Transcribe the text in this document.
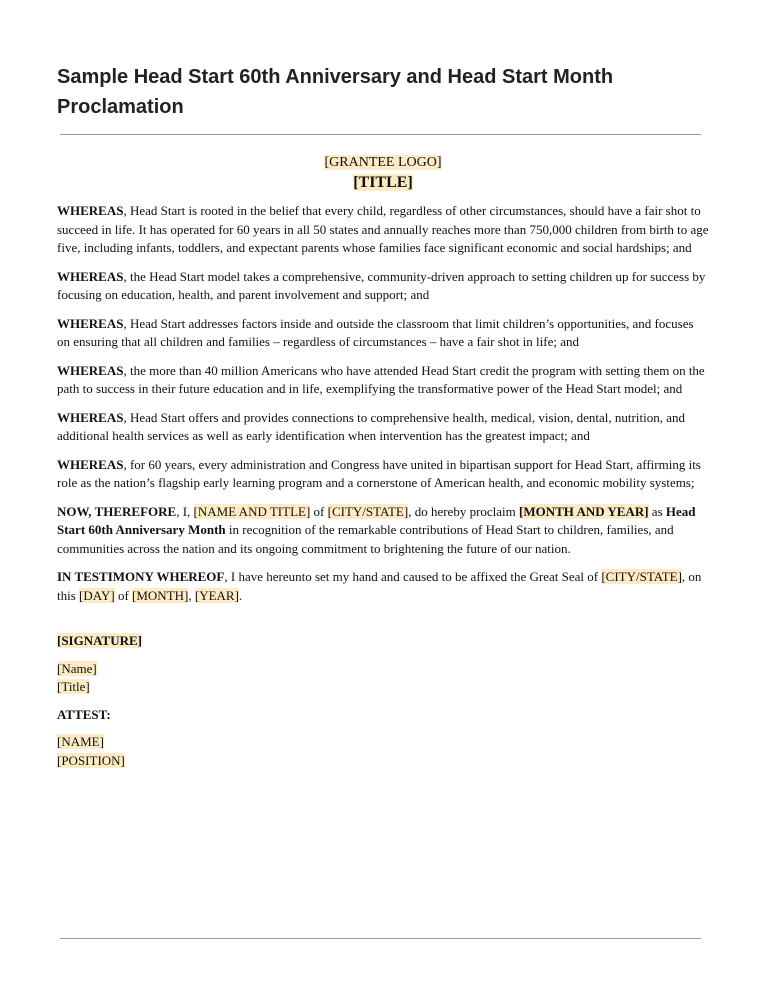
Sample Head Start 60th Anniversary and Head Start Month Proclamation
[GRANTEE LOGO]
[TITLE]

WHEREAS, Head Start is rooted in the belief that every child, regardless of other circumstances, should have a fair shot to succeed in life. It has operated for 60 years in all 50 states and annually reaches more than 750,000 children from birth to age five, including infants, toddlers, and expectant parents whose families face significant economic and social hardships; and

WHEREAS, the Head Start model takes a comprehensive, community-driven approach to setting children up for success by focusing on education, health, and parent involvement and support; and

WHEREAS, Head Start addresses factors inside and outside the classroom that limit children’s opportunities, and focuses on ensuring that all children and families – regardless of circumstances – have a fair shot in life; and

WHEREAS, the more than 40 million Americans who have attended Head Start credit the program with setting them on the path to success in their future education and in life, exemplifying the transformative power of the Head Start model; and

WHEREAS, Head Start offers and provides connections to comprehensive health, medical, vision, dental, nutrition, and additional health services as well as early identification when intervention has the greatest impact; and

WHEREAS, for 60 years, every administration and Congress have united in bipartisan support for Head Start, affirming its role as the nation’s flagship early learning program and a cornerstone of American health, and economic mobility systems;

NOW, THEREFORE, I, [NAME AND TITLE] of [CITY/STATE], do hereby proclaim [MONTH AND YEAR] as Head Start 60th Anniversary Month in recognition of the remarkable contributions of Head Start to children, families, and communities across the nation and its ongoing commitment to brightening the future of our nation.

IN TESTIMONY WHEREOF, I have hereunto set my hand and caused to be affixed the Great Seal of [CITY/STATE], on this [DAY] of [MONTH], [YEAR].

[SIGNATURE]

[Name]

[Title]

ATTEST:

[NAME]

[POSITION]
